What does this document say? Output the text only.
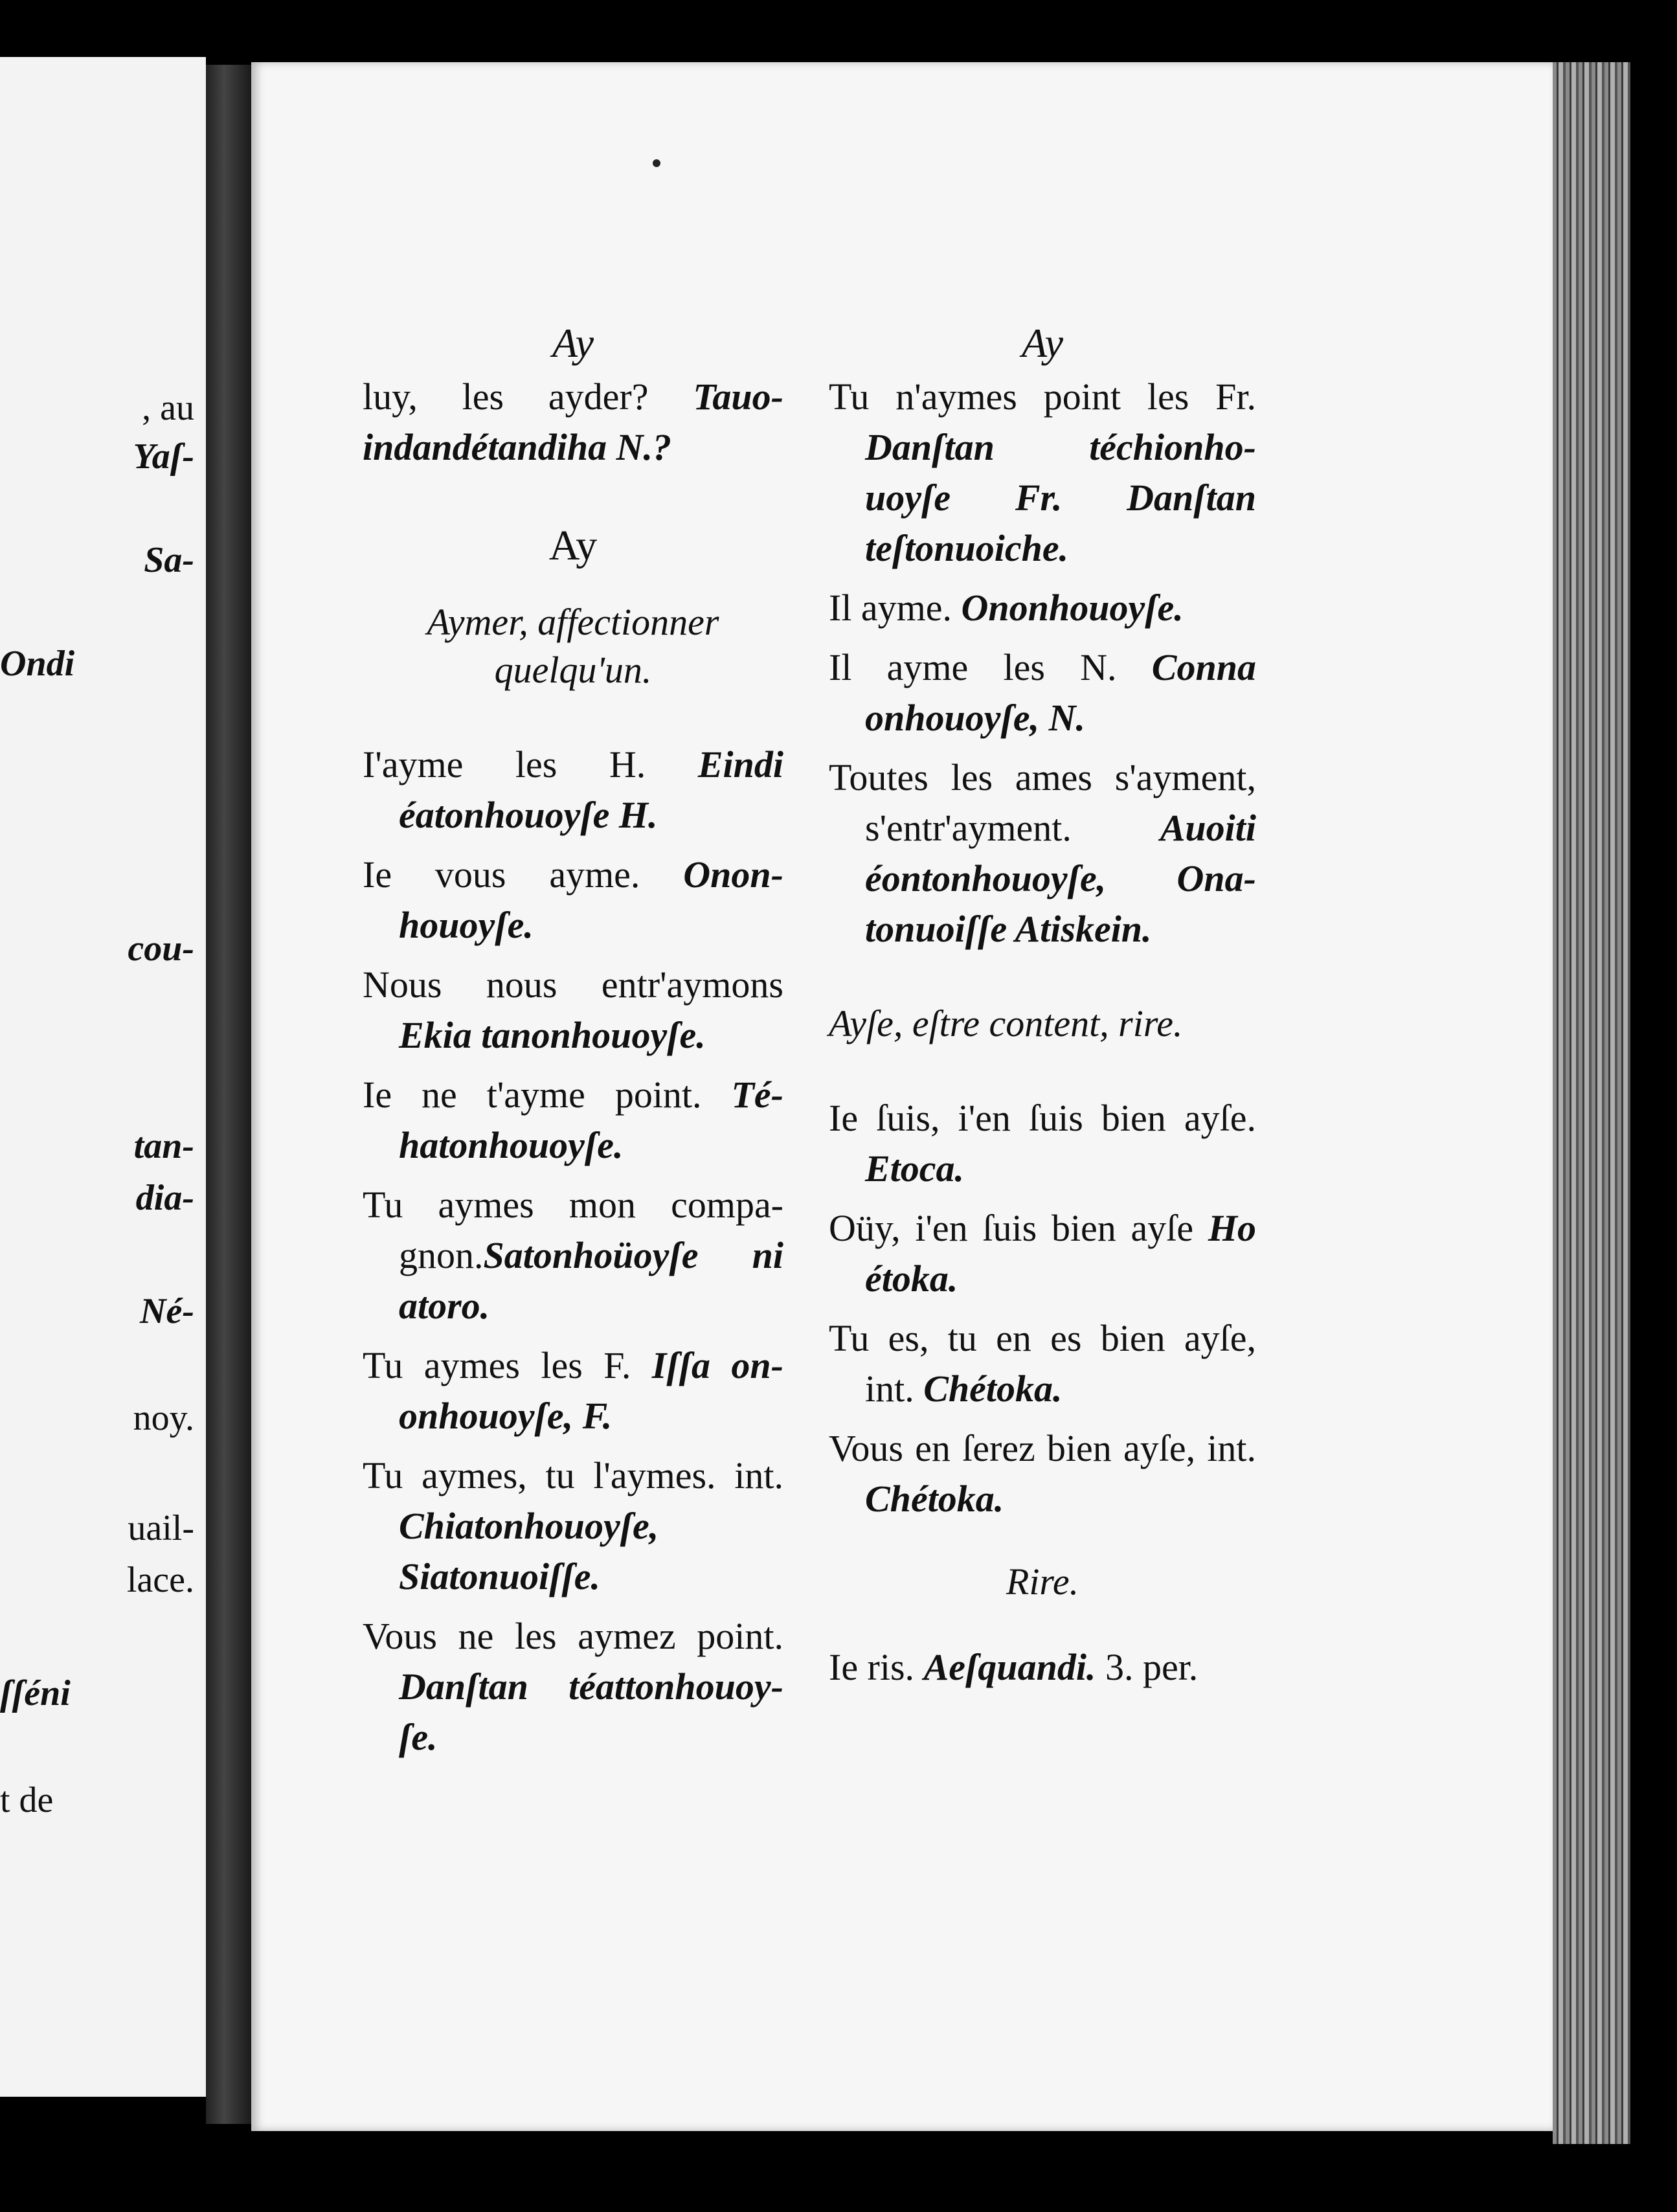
, au
Yaſ-
Sa-
Ondi
cou-
tan-
dia-
Né-
noy.
uail-
lace.
ſſéni
t de
Ay
luy, les ayder? Tauo-indandétandiha N.?
Ay
Aymer, affectionner quelqu'un.
I'ayme les H. Eindi éatonhouoyſe H.
Ie vous ayme. Onon-houoyſe.
Nous nous entr'aymons Ekia tanonhouoyſe.
Ie ne t'ayme point. Té-hatonhouoyſe.
Tu aymes mon compa-gnon.Satonhoüoyſe ni atoro.
Tu aymes les F. Iſſa on-onhouoyſe, F.
Tu aymes, tu l'aymes. int. Chiatonhouoyſe, Siatonuoiſſe.
Vous ne les aymez point. Danſtan téattonhouoy-ſe.
Ay
Tu n'aymes point les Fr. Danſtan téchionho-uoyſe Fr. Danſtan teſtonuoiche.
Il ayme. Ononhouoyſe.
Il ayme les N. Conna onhouoyſe, N.
Toutes les ames s'ayment, s'entr'ayment. Auoiti éontonhouoyſe, Ona-tonuoiſſe Atiskein.
Ayſe, eſtre content, rire.
Ie ſuis, i'en ſuis bien ayſe. Etoca.
Oüy, i'en ſuis bien ayſe Ho étoka.
Tu es, tu en es bien ayſe, int. Chétoka.
Vous en ſerez bien ayſe, int. Chétoka.
Rire.
Ie ris. Aeſquandi. 3. per.
